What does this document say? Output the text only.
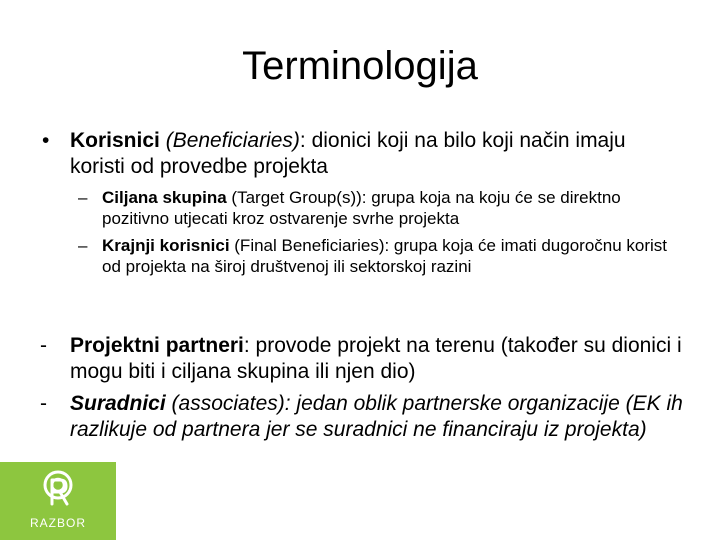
Terminologija
• Korisnici (Beneficiaries): dionici koji na bilo koji način imaju koristi od provedbe projekta
– Ciljana skupina (Target Group(s)): grupa koja na koju će se direktno pozitivno utjecati kroz ostvarenje svrhe projekta
– Krajnji korisnici (Final Beneficiaries): grupa koja će imati dugoročnu korist od projekta na široj društvenoj ili sektorskoj razini
-	Projektni partneri: provode projekt na terenu (također su dionici i mogu biti i ciljana skupina ili njen dio)
-	Suradnici (associates): jedan oblik partnerske organizacije (EK ih razlikuje od partnera jer se suradnici ne financiraju iz projekta)
RAZBOR
